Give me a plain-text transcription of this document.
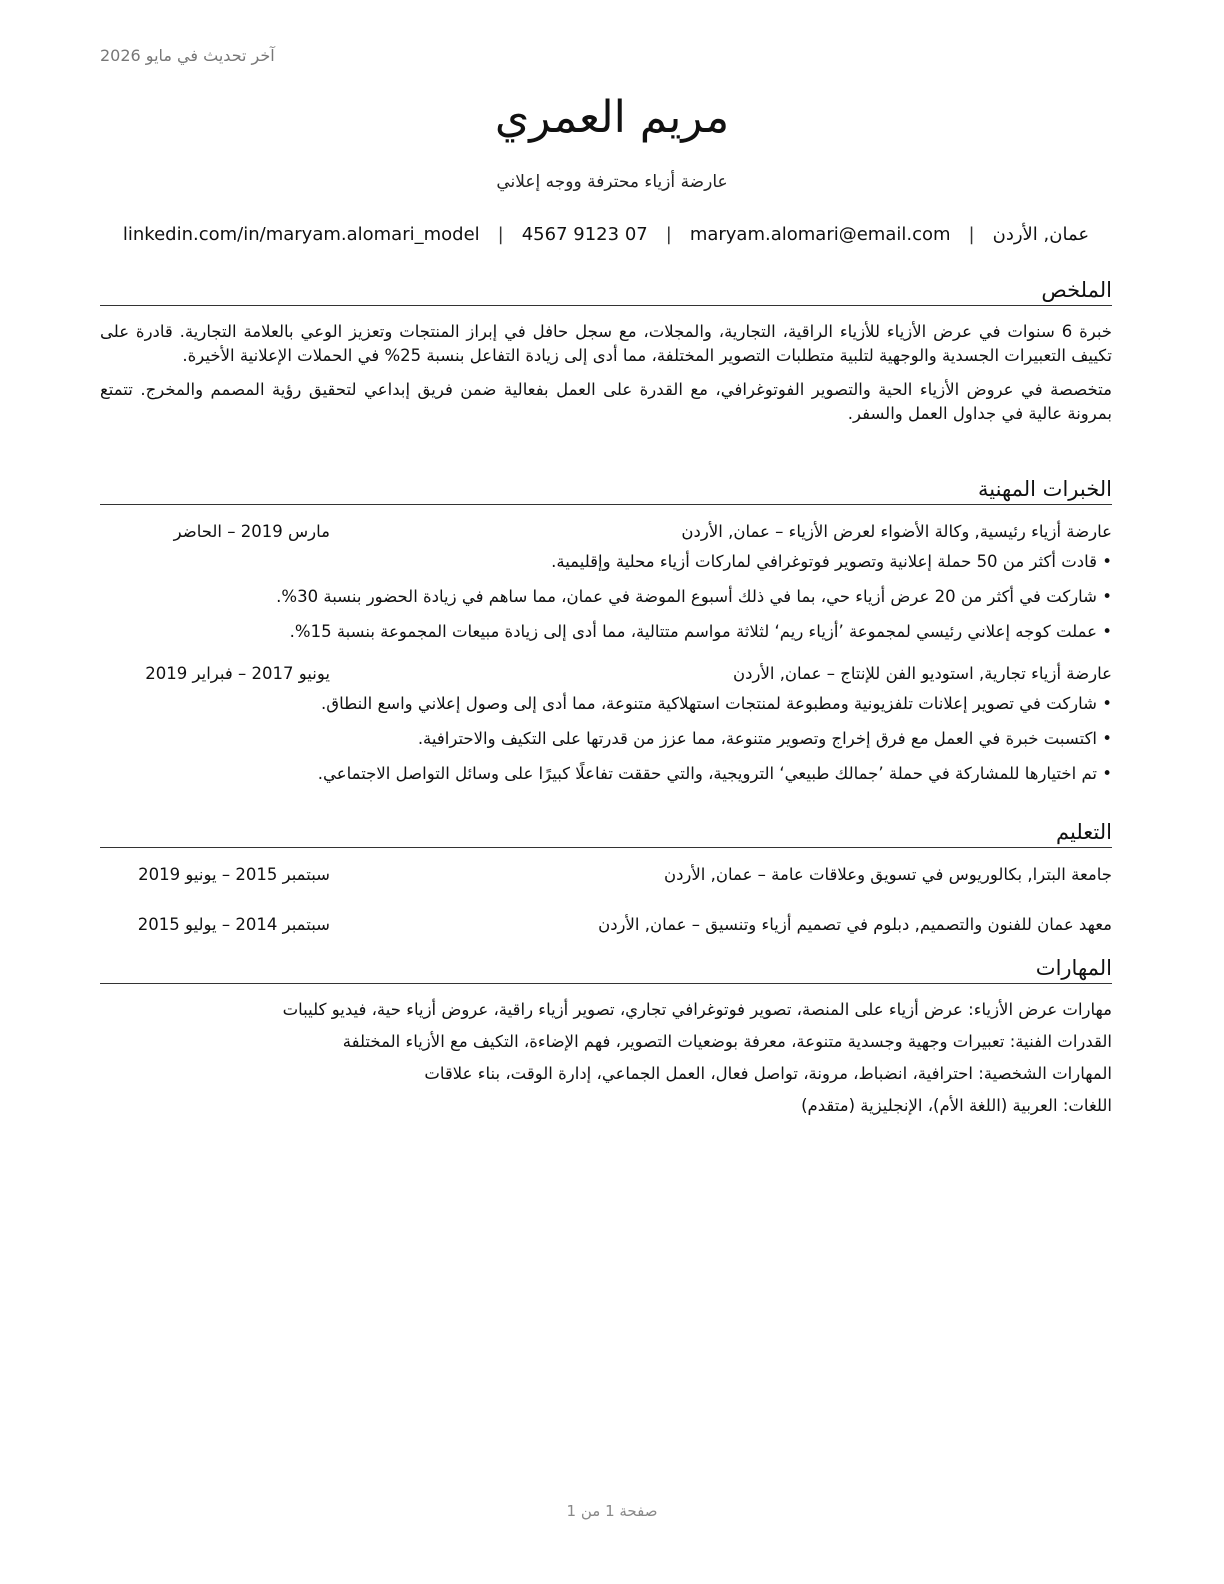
آخر تحديث في مايو 2026
مريم العمري
عارضة أزياء محترفة ووجه إعلاني
عمان, الأردن
|
maryam.alomari@email.com
|
07 9123 4567
|
linkedin.com/in/maryam.alomari_model
الملخص

خبرة 6 سنوات في عرض الأزياء للأزياء الراقية، التجارية، والمجلات، مع سجل حافل في إبراز المنتجات وتعزيز الوعي بالعلامة التجارية. قادرة على تكييف التعبيرات الجسدية والوجهية لتلبية متطلبات التصوير المختلفة، مما أدى إلى زيادة التفاعل بنسبة 25% في الحملات الإعلانية الأخيرة.

متخصصة في عروض الأزياء الحية والتصوير الفوتوغرافي، مع القدرة على العمل بفعالية ضمن فريق إبداعي لتحقيق رؤية المصمم والمخرج. تتمتع بمرونة عالية في جداول العمل والسفر.

الخبرات المهنية
عارضة أزياء رئيسية, وكالة الأضواء لعرض الأزياء – عمان, الأردن
مارس 2019 – الحاضر
• قادت أكثر من 50 حملة إعلانية وتصوير فوتوغرافي لماركات أزياء محلية وإقليمية.
• شاركت في أكثر من 20 عرض أزياء حي، بما في ذلك أسبوع الموضة في عمان، مما ساهم في زيادة الحضور بنسبة 30%.
• عملت كوجه إعلاني رئيسي لمجموعة ’أزياء ريم‘ لثلاثة مواسم متتالية، مما أدى إلى زيادة مبيعات المجموعة بنسبة 15%.
عارضة أزياء تجارية, استوديو الفن للإنتاج – عمان, الأردن
يونيو 2017 – فبراير 2019
• شاركت في تصوير إعلانات تلفزيونية ومطبوعة لمنتجات استهلاكية متنوعة، مما أدى إلى وصول إعلاني واسع النطاق.
• اكتسبت خبرة في العمل مع فرق إخراج وتصوير متنوعة، مما عزز من قدرتها على التكيف والاحترافية.
• تم اختيارها للمشاركة في حملة ’جمالك طبيعي‘ الترويجية، والتي حققت تفاعلًا كبيرًا على وسائل التواصل الاجتماعي.
التعليم
جامعة البترا, بكالوريوس في تسويق وعلاقات عامة – عمان, الأردن
سبتمبر 2015 – يونيو 2019
معهد عمان للفنون والتصميم, دبلوم في تصميم أزياء وتنسيق – عمان, الأردن
سبتمبر 2014 – يوليو 2015
المهارات

مهارات عرض الأزياء: عرض أزياء على المنصة، تصوير فوتوغرافي تجاري، تصوير أزياء راقية، عروض أزياء حية، فيديو كليبات

القدرات الفنية: تعبيرات وجهية وجسدية متنوعة، معرفة بوضعيات التصوير، فهم الإضاءة، التكيف مع الأزياء المختلفة

المهارات الشخصية: احترافية، انضباط، مرونة، تواصل فعال، العمل الجماعي، إدارة الوقت، بناء علاقات

اللغات: العربية (اللغة الأم)، الإنجليزية (متقدم)

صفحة 1 من 1
